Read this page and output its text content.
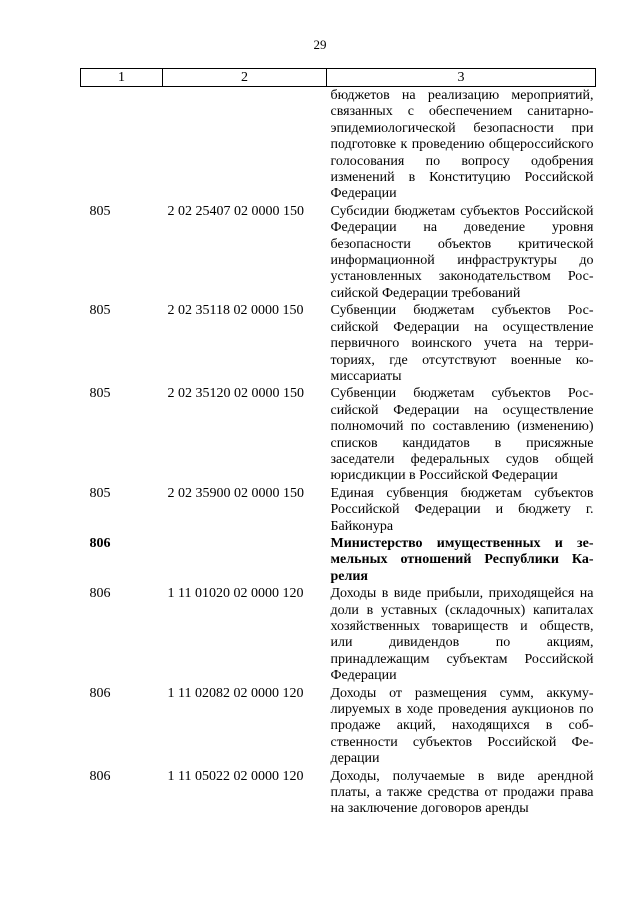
29
1	2	3
		бюджетов на реализацию мероприятий, связанных с обеспечением санитарно-эпидемиологической безопасности при подготовке к проведению общероссийского голосования по вопросу одобрения изменений в Конституцию Российской Федерации
805	2 02 25407 02 0000 150	Субсидии бюджетам субъектов Российской Федерации на доведение уровня безопасности объектов критической информационной инфраструктуры до установленных законодательством Российской Федерации требований
805	2 02 35118 02 0000 150	Субвенции бюджетам субъектов Российской Федерации на осуществление первичного воинского учета на территориях, где отсутствуют военные комиссариаты
805	2 02 35120 02 0000 150	Субвенции бюджетам субъектов Российской Федерации на осуществление полномочий по составлению (изменению) списков кандидатов в присяжные заседатели федеральных судов общей юрисдикции в Российской Федерации
805	2 02 35900 02 0000 150	Единая субвенция бюджетам субъектов Российской Федерации и бюджету г. Байконура
806		Министерство имущественных и земельных отношений Республики Карелия
806	1 11 01020 02 0000 120	Доходы в виде прибыли, приходящейся на доли в уставных (складочных) капиталах хозяйственных товариществ и обществ, или дивидендов по акциям, принадлежащим субъектам Российской Федерации
806	1 11 02082 02 0000 120	Доходы от размещения сумм, аккумулируемых в ходе проведения аукционов по продаже акций, находящихся в собственности субъектов Российской Федерации
806	1 11 05022 02 0000 120	Доходы, получаемые в виде арендной платы, а также средства от продажи права на заключение договоров аренды
